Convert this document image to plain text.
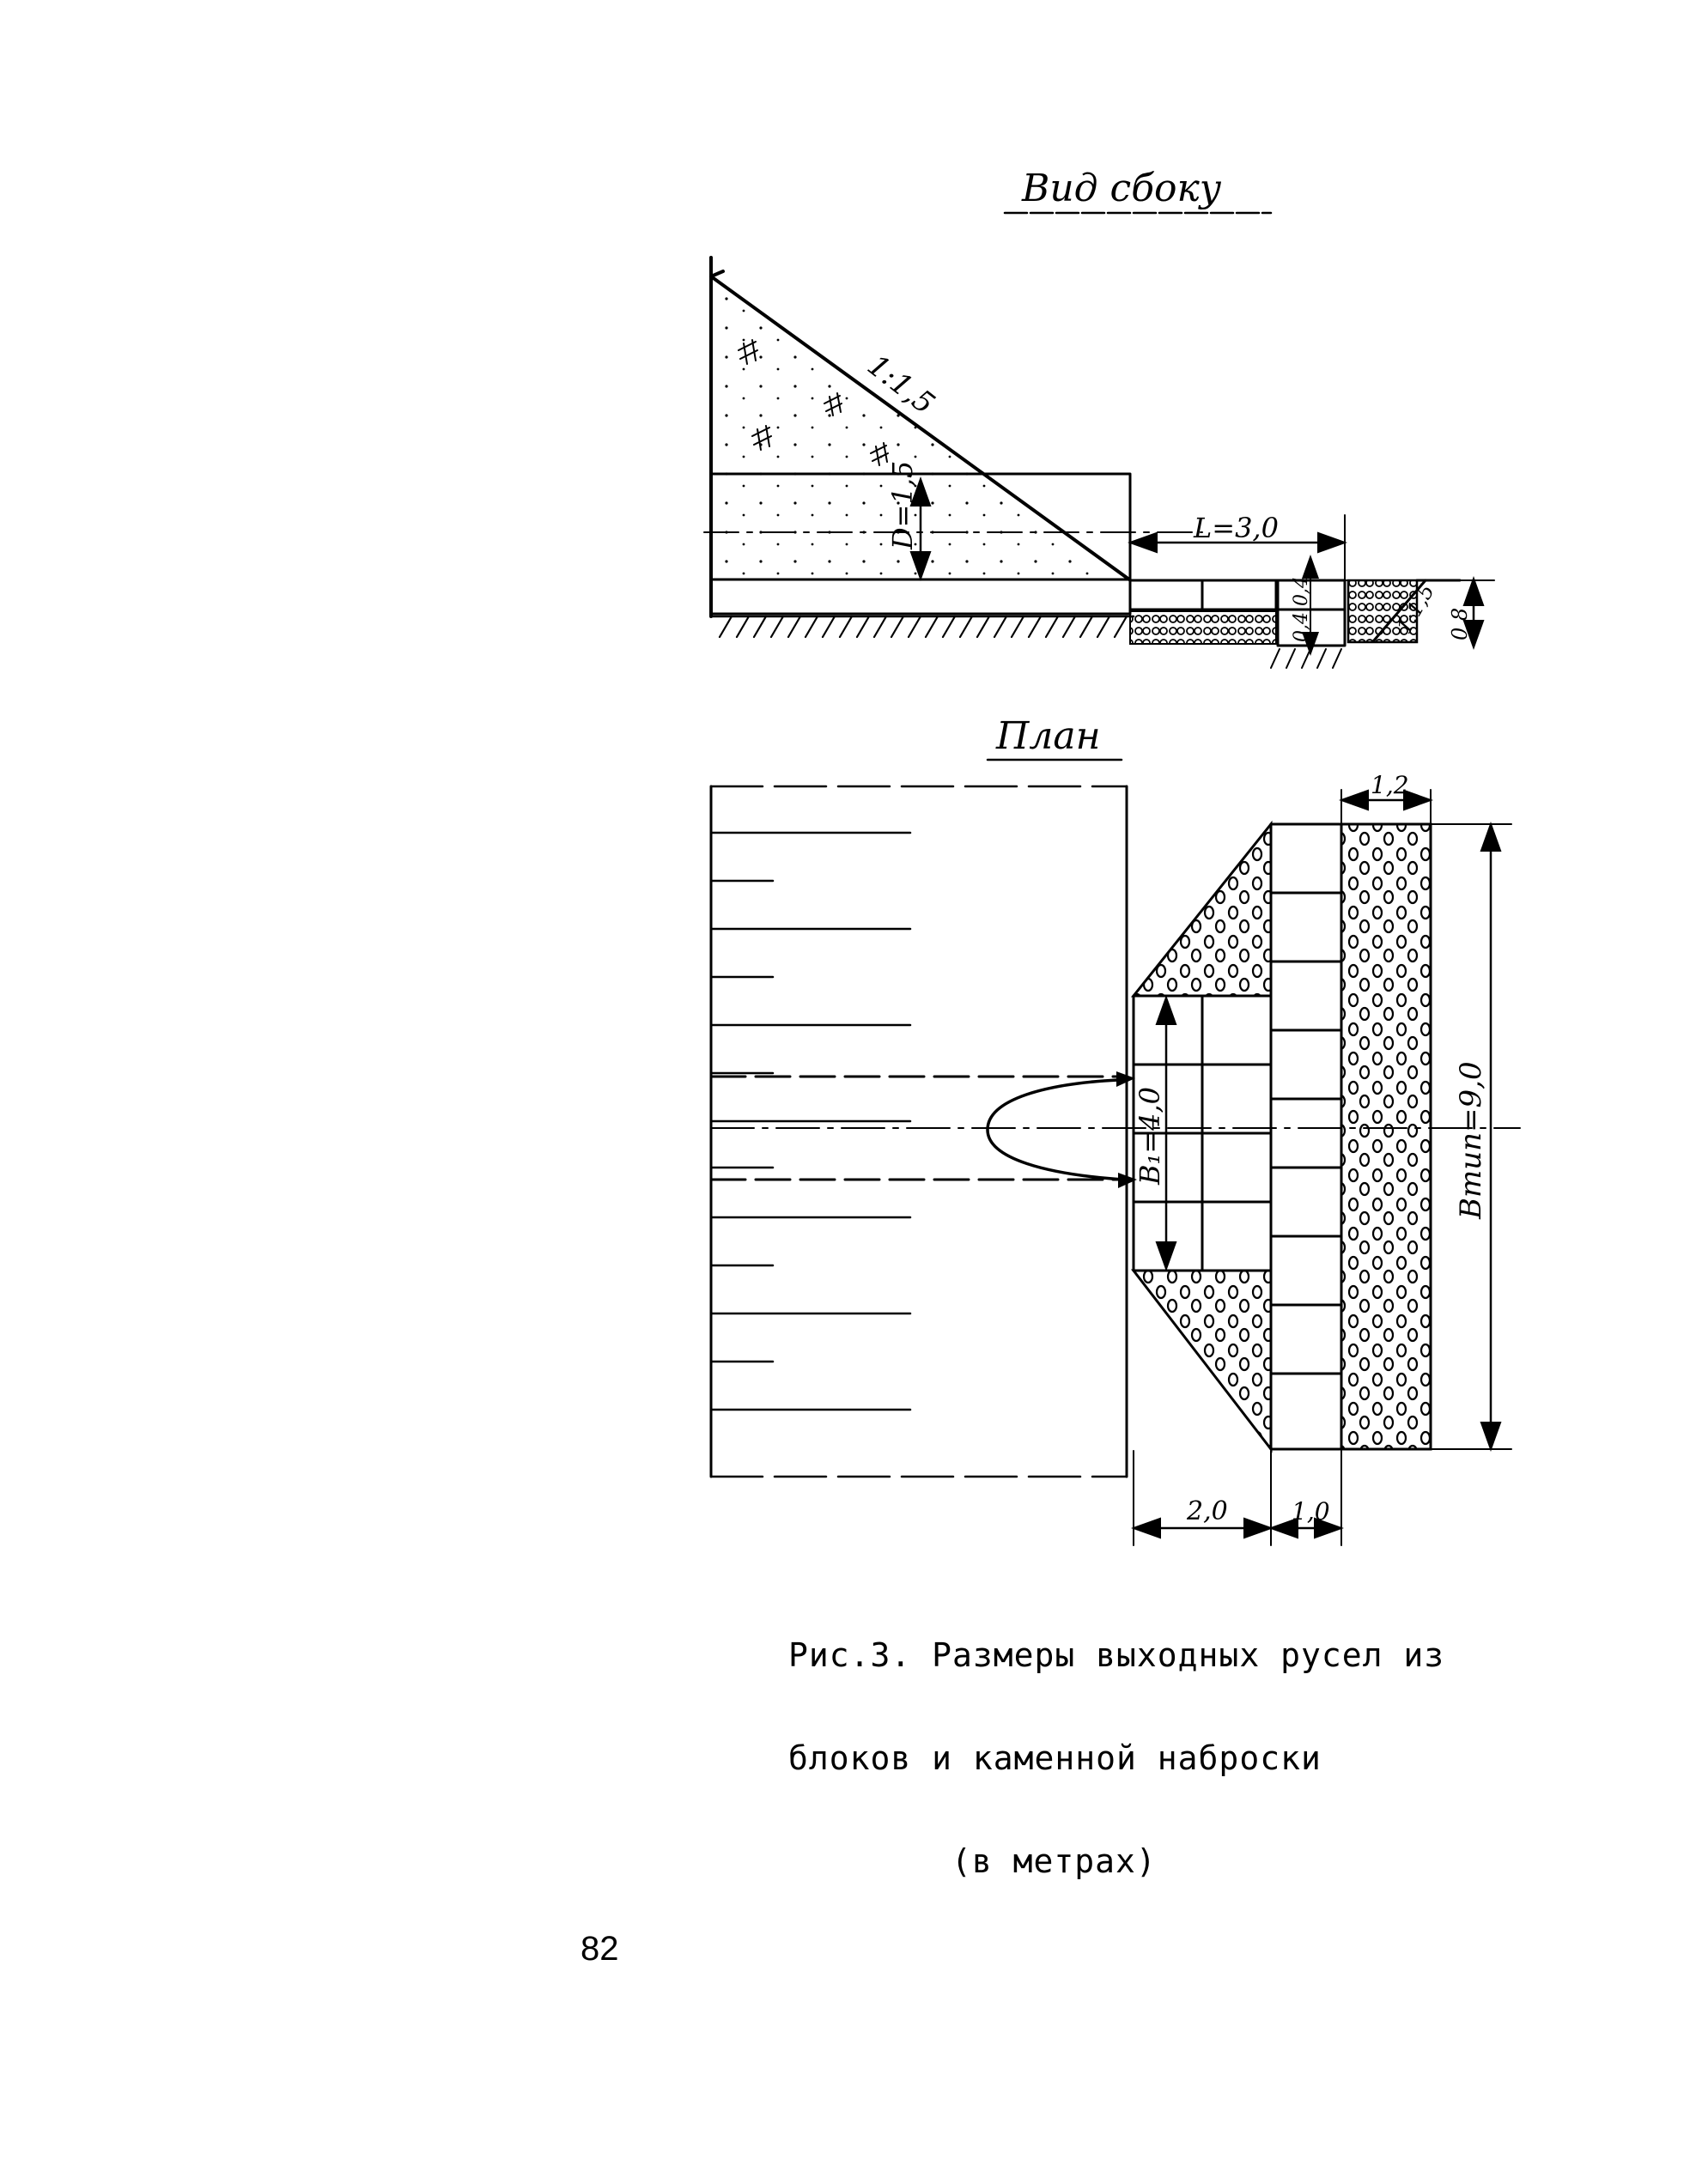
Вид сбоку
1:1,5
D=1,5
0,4
0,4	1:1,5 0,8
L=3,0
План
B₁=4,0	Bтип=9,0
1,2
2,0	1,0

Рис.3. Размеры выходных русел из

блоков и каменной наброски

(в метрах)

82
